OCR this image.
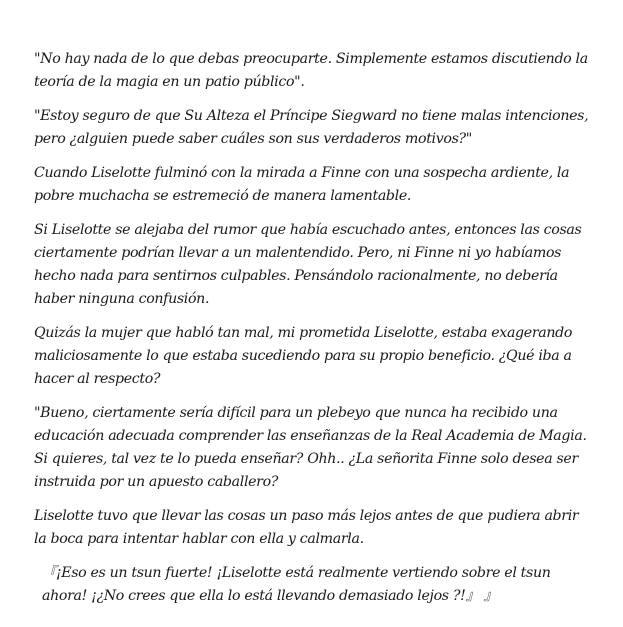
"No hay nada de lo que debas preocuparte. Simplemente estamos discutiendo la teoría de la magia en un patio público".

"Estoy seguro de que Su Alteza el Príncipe Siegward no tiene malas intenciones, pero ¿alguien puede saber cuáles son sus verdaderos motivos?"

Cuando Liselotte fulminó con la mirada a Finne con una sospecha ardiente, la pobre muchacha se estremeció de manera lamentable.

Si Liselotte se alejaba del rumor que había escuchado antes, entonces las cosas ciertamente podrían llevar a un malentendido. Pero, ni Finne ni yo habíamos hecho nada para sentirnos culpables. Pensándolo racionalmente, no debería haber ninguna confusión.

Quizás la mujer que habló tan mal, mi prometida Liselotte, estaba exagerando maliciosamente lo que estaba sucediendo para su propio beneficio. ¿Qué iba a hacer al respecto?

"Bueno, ciertamente sería difícil para un plebeyo que nunca ha recibido una educación adecuada comprender las enseñanzas de la Real Academia de Magia. Si quieres, tal vez te lo pueda enseñar? Ohh.. ¿La señorita Finne solo desea ser instruida por un apuesto caballero?

Liselotte tuvo que llevar las cosas un paso más lejos antes de que pudiera abrir la boca para intentar hablar con ella y calmarla.

『¡Eso es un tsun fuerte! ¡Liselotte está realmente vertiendo sobre el tsun ahora! ¡¿No crees que ella lo está llevando demasiado lejos ?!』 』
